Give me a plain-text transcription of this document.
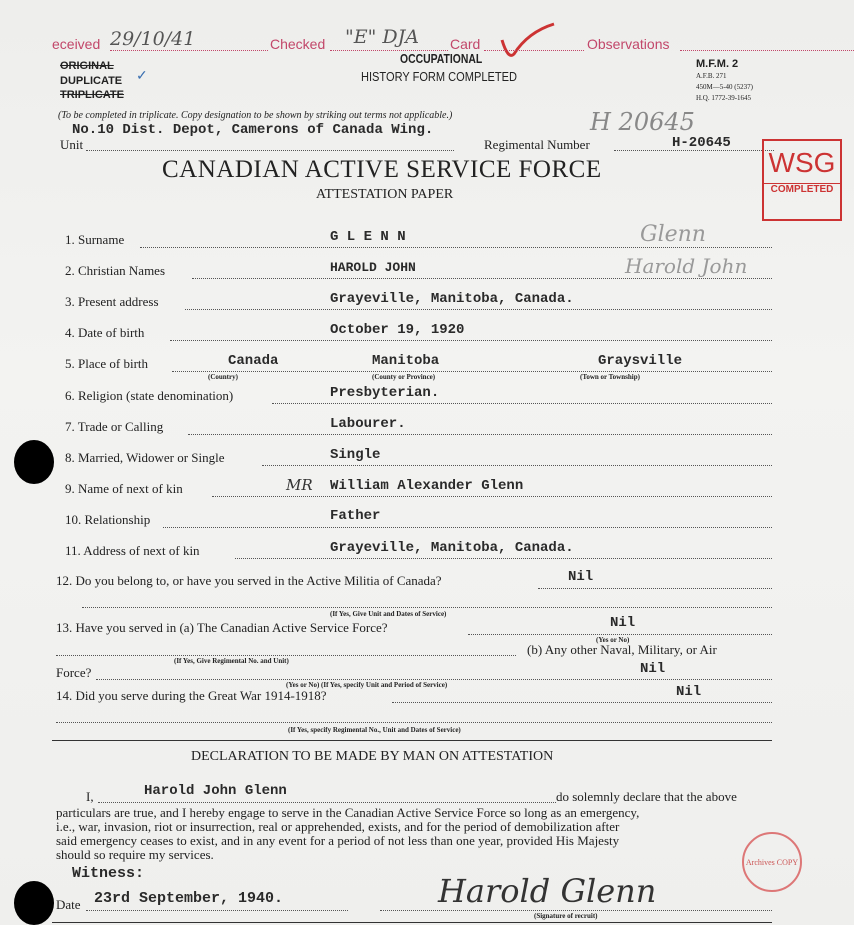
eceived 29/10/41	Checked "E" DJA Card	Observations
OCCUPATIONAL
HISTORY FORM COMPLETED
ORIGINAL
DUPLICATE ✓
TRIPLICATE
M.F.M. 2
A.F.B. 271
450M—5-40 (5237)
H.Q. 1772-39-1645
(To be completed in triplicate. Copy designation to be shown by striking out terms not applicable.)
No.10 Dist. Depot, Camerons of Canada Wing.
Unit
H 20645
Regimental Number	H-20645
WSG
COMPLETED
CANADIAN ACTIVE SERVICE FORCE
ATTESTATION PAPER
1. Surname	G L E N N	Glenn
2. Christian Names	HAROLD JOHN	Harold John
3. Present address	Grayeville, Manitoba, Canada.
4. Date of birth	October 19, 1920
5. Place of birth	Canada	Manitoba	Graysville
(Country)	(County or Province)	(Town or Township)
6. Religion (state denomination)	Presbyterian.
7. Trade or Calling	Labourer.
8. Married, Widower or Single	Single
9. Name of next of kin	MR William Alexander Glenn
10. Relationship	Father
11. Address of next of kin	Grayeville, Manitoba, Canada.
12. Do you belong to, or have you served in the Active Militia of Canada?	Nil
(If Yes, Give Unit and Dates of Service)
13. Have you served in (a) The Canadian Active Service Force?	Nil
(Yes or No)
(b) Any other Naval, Military, or Air
(If Yes, Give Regimental No. and Unit)
Force?	Nil
(Yes or No) (If Yes, specify Unit and Period of Service)
14. Did you serve during the Great War 1914-1918?	Nil
(If Yes, specify Regimental No., Unit and Dates of Service)
DECLARATION TO BE MADE BY MAN ON ATTESTATION
I,	Harold John Glenn	do solemnly declare that the above
particulars are true, and I hereby engage to serve in the Canadian Active Service Force so long as an emergency,
i.e., war, invasion, riot or insurrection, real or apprehended, exists, and for the period of demobilization after
said emergency ceases to exist, and in any event for a period of not less than one year, provided His Majesty
should so require my services.
Witness:
Date 23rd September, 1940.	Harold Glenn
(Signature of recruit)
Archives COPY
